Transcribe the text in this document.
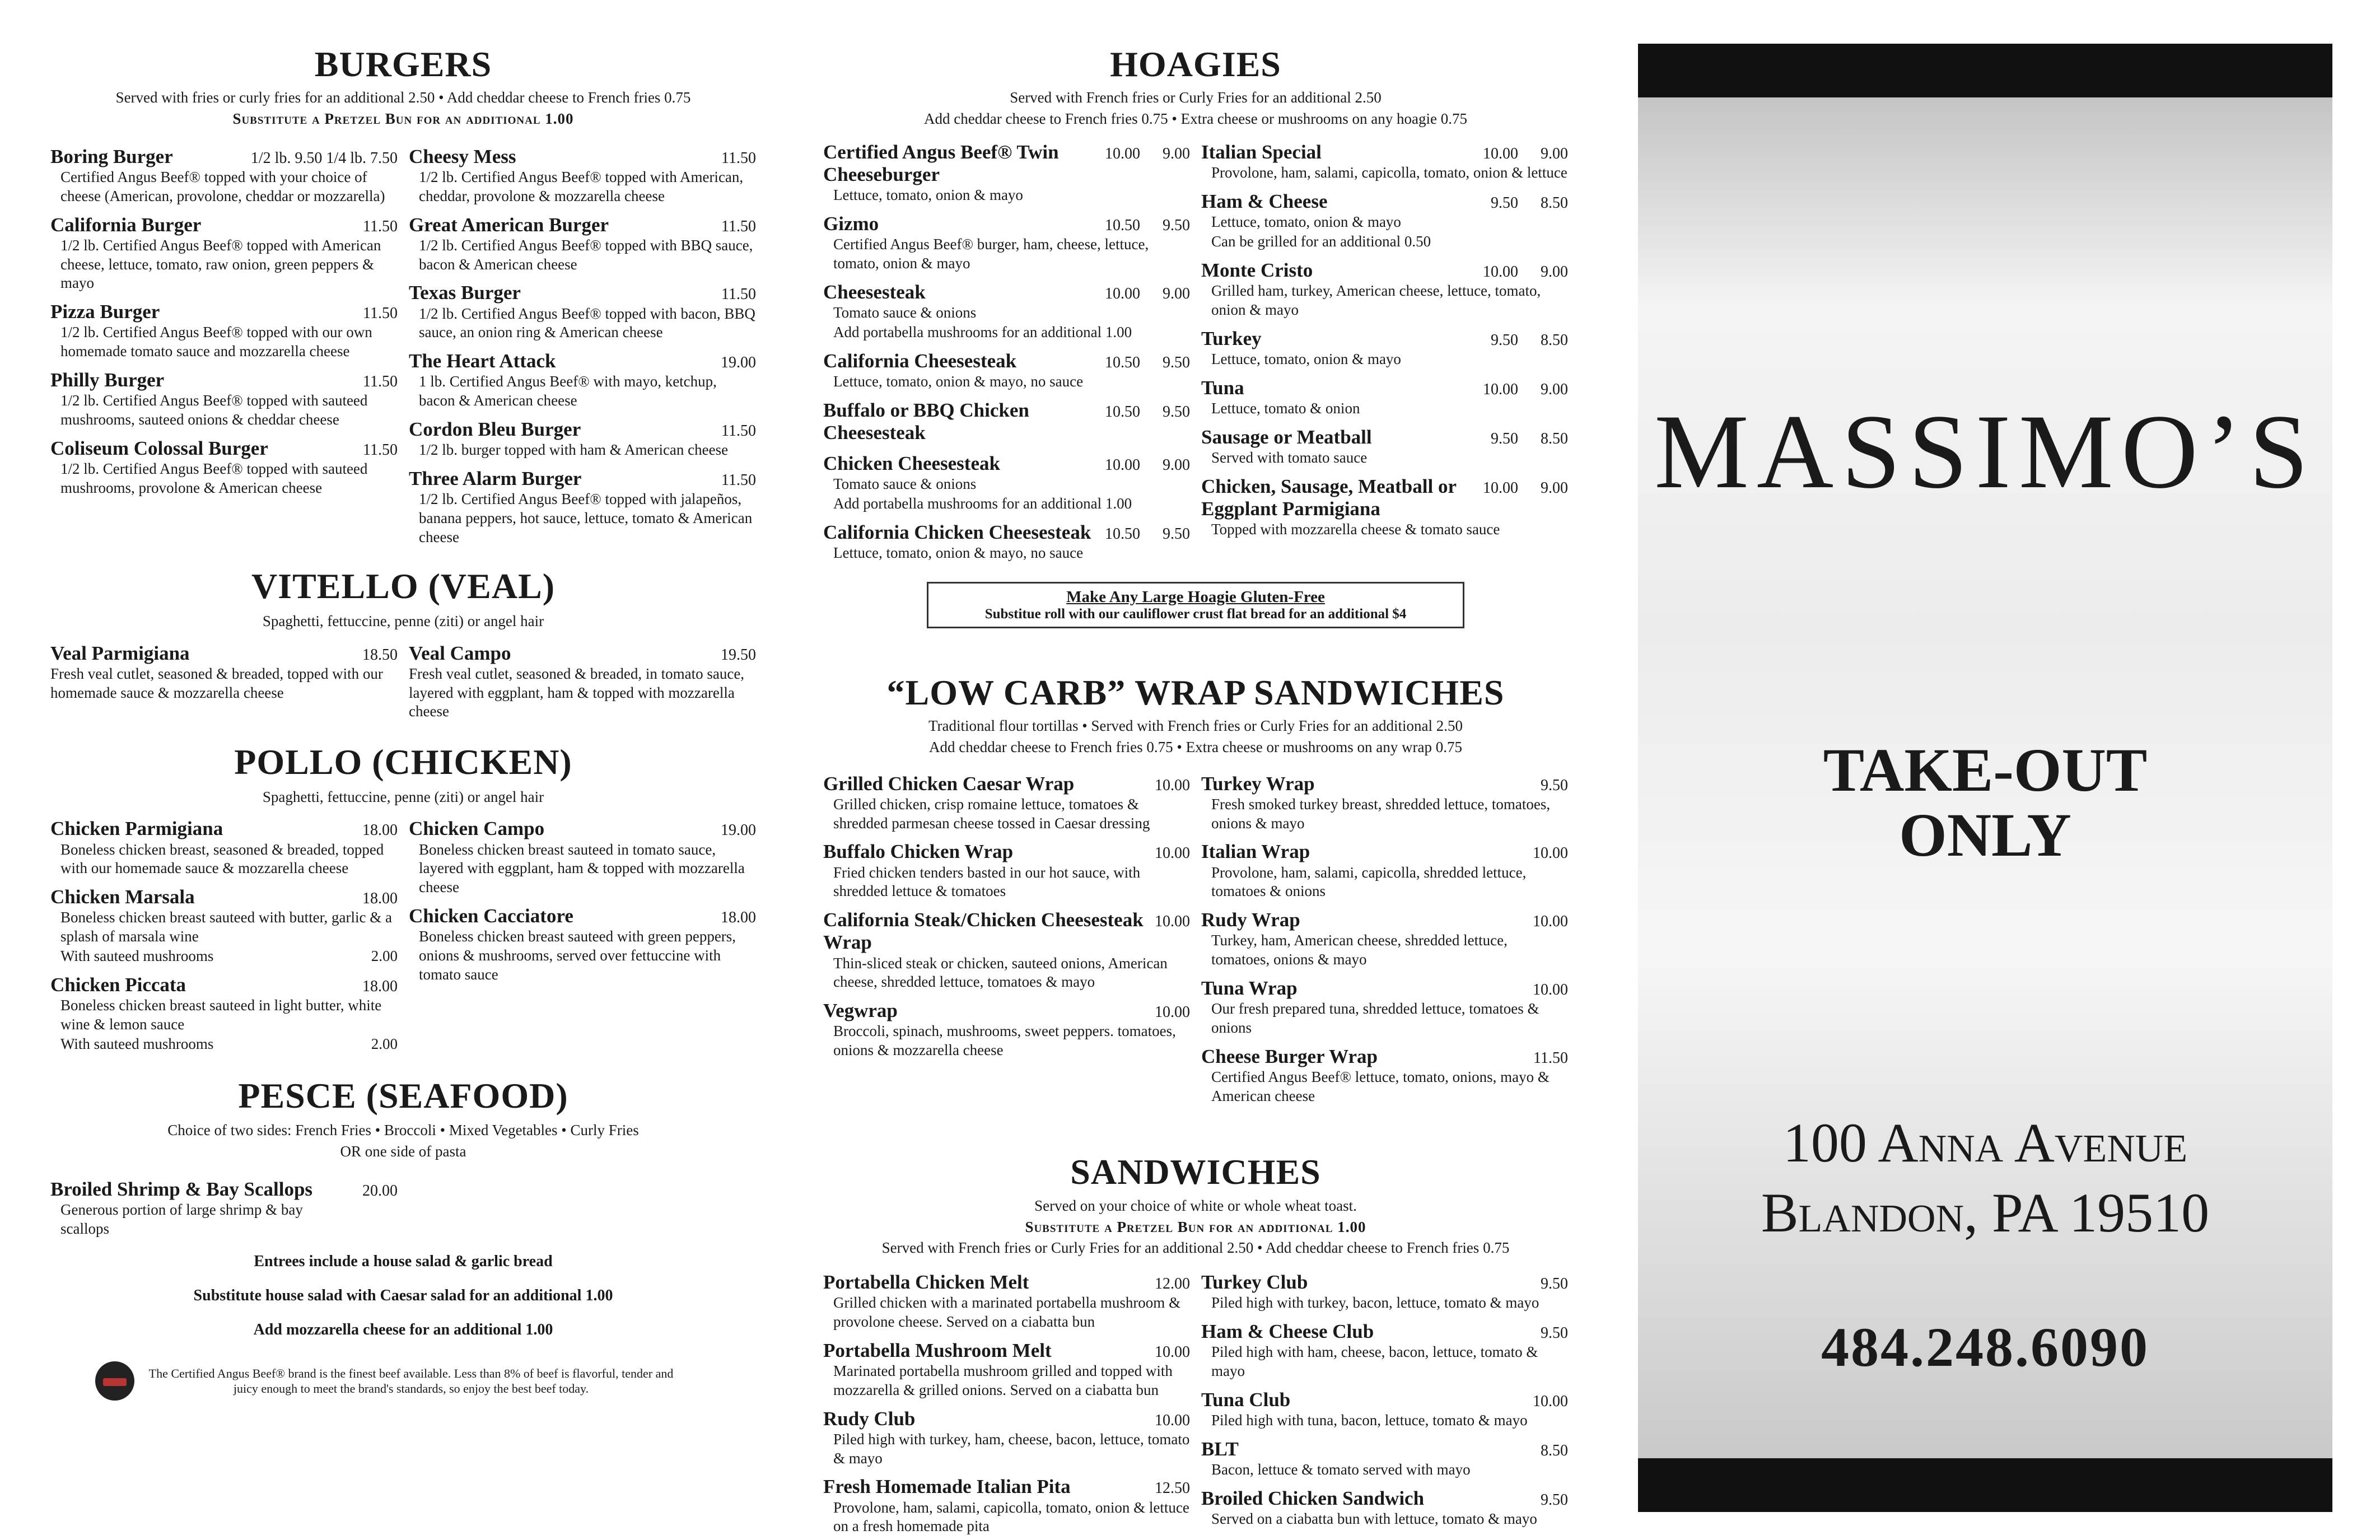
BURGERS
Served with fries or curly fries for an additional 2.50 • Add cheddar cheese to French fries 0.75
Substitute a Pretzel Bun for an additional 1.00
Boring Burger	1/2 lb. 9.50 1/4 lb. 7.50
Certified Angus Beef® topped with your choice of cheese (American, provolone, cheddar or mozzarella)
California Burger	11.50
1/2 lb. Certified Angus Beef® topped with American cheese, lettuce, tomato, raw onion, green peppers & mayo
Pizza Burger	11.50
1/2 lb. Certified Angus Beef® topped with our own homemade tomato sauce and mozzarella cheese
Philly Burger	11.50
1/2 lb. Certified Angus Beef® topped with sauteed mushrooms, sauteed onions & cheddar cheese
Coliseum Colossal Burger	11.50
1/2 lb. Certified Angus Beef® topped with sauteed mushrooms, provolone & American cheese
Cheesy Mess	11.50
1/2 lb. Certified Angus Beef® topped with American, cheddar, provolone & mozzarella cheese
Great American Burger	11.50
1/2 lb. Certified Angus Beef® topped with BBQ sauce, bacon & American cheese
Texas Burger	11.50
1/2 lb. Certified Angus Beef® topped with bacon, BBQ sauce, an onion ring & American cheese
The Heart Attack	19.00
1 lb. Certified Angus Beef® with mayo, ketchup, bacon & American cheese
Cordon Bleu Burger	11.50
1/2 lb. burger topped with ham & American cheese
Three Alarm Burger	11.50
1/2 lb. Certified Angus Beef® topped with jalapeños, banana peppers, hot sauce, lettuce, tomato & American cheese
VITELLO (VEAL)
Spaghetti, fettuccine, penne (ziti) or angel hair
Veal Parmigiana	18.50
Fresh veal cutlet, seasoned & breaded, topped with our homemade sauce & mozzarella cheese
Veal Campo	19.50
Fresh veal cutlet, seasoned & breaded, in tomato sauce, layered with eggplant, ham & topped with mozzarella cheese
POLLO (CHICKEN)
Spaghetti, fettuccine, penne (ziti) or angel hair
Chicken Parmigiana	18.00
Boneless chicken breast, seasoned & breaded, topped with our homemade sauce & mozzarella cheese
Chicken Marsala	18.00
Boneless chicken breast sauteed with butter, garlic & a splash of marsala wine
With sauteed mushrooms	2.00
Chicken Piccata	18.00
Boneless chicken breast sauteed in light butter, white wine & lemon sauce
With sauteed mushrooms	2.00
Chicken Campo	19.00
Boneless chicken breast sauteed in tomato sauce, layered with eggplant, ham & topped with mozzarella cheese
Chicken Cacciatore	18.00
Boneless chicken breast sauteed with green peppers, onions & mushrooms, served over fettuccine with tomato sauce
PESCE (SEAFOOD)
Choice of two sides: French Fries • Broccoli • Mixed Vegetables • Curly Fries
OR one side of pasta
Broiled Shrimp & Bay Scallops	20.00
Generous portion of large shrimp & bay scallops
Entrees include a house salad & garlic bread
Substitute house salad with Caesar salad for an additional 1.00
Add mozzarella cheese for an additional 1.00
The Certified Angus Beef® brand is the finest beef available. Less than 8% of beef is flavorful, tender and juicy enough to meet the brand's standards, so enjoy the best beef today.
HOAGIES
Served with French fries or Curly Fries for an additional 2.50
Add cheddar cheese to French fries 0.75 • Extra cheese or mushrooms on any hoagie 0.75
Certified Angus Beef® Twin Cheeseburger
10.00 9.00
Lettuce, tomato, onion & mayo
Gizmo	10.50 9.50
Certified Angus Beef® burger, ham, cheese, lettuce, tomato, onion & mayo
Cheesesteak	10.00 9.00
Tomato sauce & onions
Add portabella mushrooms for an additional 1.00
California Cheesesteak	10.50 9.50
Lettuce, tomato, onion & mayo, no sauce
Buffalo or BBQ Chicken Cheesesteak
10.50 9.50
Chicken Cheesesteak	10.00 9.00
Tomato sauce & onions
Add portabella mushrooms for an additional 1.00
California Chicken Cheesesteak 10.50 9.50
Lettuce, tomato, onion & mayo, no sauce
Italian Special	10.00 9.00
Provolone, ham, salami, capicolla, tomato, onion & lettuce
Ham & Cheese	9.50 8.50
Lettuce, tomato, onion & mayo
Can be grilled for an additional 0.50
Monte Cristo	10.00 9.00
Grilled ham, turkey, American cheese, lettuce, tomato, onion & mayo
Turkey	9.50 8.50
Lettuce, tomato, onion & mayo
Tuna	10.00 9.00
Lettuce, tomato & onion
Sausage or Meatball	9.50 8.50
Served with tomato sauce
Chicken, Sausage, Meatball or Eggplant Parmigiana
10.00 9.00
Topped with mozzarella cheese & tomato sauce
Make Any Large Hoagie Gluten-Free
Substitue roll with our cauliflower crust flat bread for an additional $4
“LOW CARB” WRAP SANDWICHES
Traditional flour tortillas • Served with French fries or Curly Fries for an additional 2.50
Add cheddar cheese to French fries 0.75 • Extra cheese or mushrooms on any wrap 0.75
Grilled Chicken Caesar Wrap	10.00
Grilled chicken, crisp romaine lettuce, tomatoes & shredded parmesan cheese tossed in Caesar dressing
Buffalo Chicken Wrap	10.00
Fried chicken tenders basted in our hot sauce, with shredded lettuce & tomatoes
California Steak/Chicken Cheesesteak Wrap
10.00
Thin-sliced steak or chicken, sauteed onions, American cheese, shredded lettuce, tomatoes & mayo
Vegwrap	10.00
Broccoli, spinach, mushrooms, sweet peppers. tomatoes, onions & mozzarella cheese
Turkey Wrap	9.50
Fresh smoked turkey breast, shredded lettuce, tomatoes, onions & mayo
Italian Wrap	10.00
Provolone, ham, salami, capicolla, shredded lettuce, tomatoes & onions
Rudy Wrap	10.00
Turkey, ham, American cheese, shredded lettuce, tomatoes, onions & mayo
Tuna Wrap	10.00
Our fresh prepared tuna, shredded lettuce, tomatoes & onions
Cheese Burger Wrap	11.50
Certified Angus Beef® lettuce, tomato, onions, mayo & American cheese
SANDWICHES
Served on your choice of white or whole wheat toast.
Substitute a Pretzel Bun for an additional 1.00
Served with French fries or Curly Fries for an additional 2.50 • Add cheddar cheese to French fries 0.75
Portabella Chicken Melt	12.00
Grilled chicken with a marinated portabella mushroom & provolone cheese. Served on a ciabatta bun
Portabella Mushroom Melt	10.00
Marinated portabella mushroom grilled and topped with mozzarella & grilled onions. Served on a ciabatta bun
Rudy Club	10.00
Piled high with turkey, ham, cheese, bacon, lettuce, tomato & mayo
Fresh Homemade Italian Pita	12.50
Provolone, ham, salami, capicolla, tomato, onion & lettuce on a fresh homemade pita
Turkey Club	9.50
Piled high with turkey, bacon, lettuce, tomato & mayo
Ham & Cheese Club	9.50
Piled high with ham, cheese, bacon, lettuce, tomato & mayo
Tuna Club	10.00
Piled high with tuna, bacon, lettuce, tomato & mayo
BLT	8.50
Bacon, lettuce & tomato served with mayo
Broiled Chicken Sandwich	9.50
Served on a ciabatta bun with lettuce, tomato & mayo
MASSIMO’S
TAKE-OUT
ONLY
100 Anna Avenue
Blandon, PA 19510
484.248.6090
